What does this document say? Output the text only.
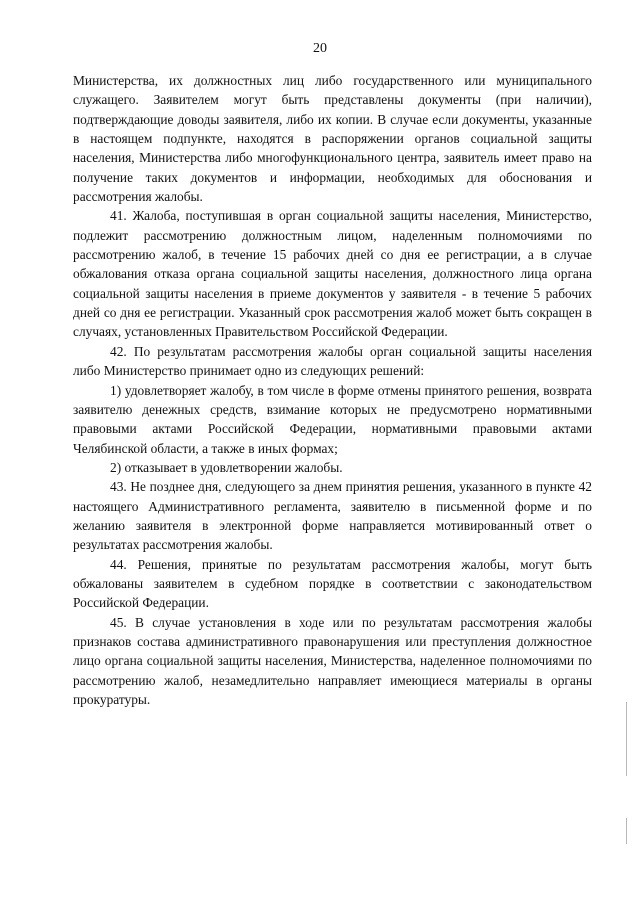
20

Министерства, их должностных лиц либо государственного или муниципального служащего. Заявителем могут быть представлены документы (при наличии), подтверждающие доводы заявителя, либо их копии. В случае если документы, указанные в настоящем подпункте, находятся в распоряжении органов социальной защиты населения, Министерства либо многофункционального центра, заявитель имеет право на получение таких документов и информации, необходимых для обоснования и рассмотрения жалобы.

41. Жалоба, поступившая в орган социальной защиты населения, Министерство, подлежит рассмотрению должностным лицом, наделенным полномочиями по рассмотрению жалоб, в течение 15 рабочих дней со дня ее регистрации, а в случае обжалования отказа органа социальной защиты населения, должностного лица органа социальной защиты населения в приеме документов у заявителя - в течение 5 рабочих дней со дня ее регистрации. Указанный срок рассмотрения жалоб может быть сокращен в случаях, установленных Правительством Российской Федерации.

42. По результатам рассмотрения жалобы орган социальной защиты населения либо Министерство принимает одно из следующих решений:

1) удовлетворяет жалобу, в том числе в форме отмены принятого решения, возврата заявителю денежных средств, взимание которых не предусмотрено нормативными правовыми актами Российской Федерации, нормативными правовыми актами Челябинской области, а также в иных формах;

2) отказывает в удовлетворении жалобы.

43. Не позднее дня, следующего за днем принятия решения, указанного в пункте 42 настоящего Административного регламента, заявителю в письменной форме и по желанию заявителя в электронной форме направляется мотивированный ответ о результатах рассмотрения жалобы.

44. Решения, принятые по результатам рассмотрения жалобы, могут быть обжалованы заявителем в судебном порядке в соответствии с законодательством Российской Федерации.

45. В случае установления в ходе или по результатам рассмотрения жалобы признаков состава административного правонарушения или преступления должностное лицо органа социальной защиты населения, Министерства, наделенное полномочиями по рассмотрению жалоб, незамедлительно направляет имеющиеся материалы в органы прокуратуры.
